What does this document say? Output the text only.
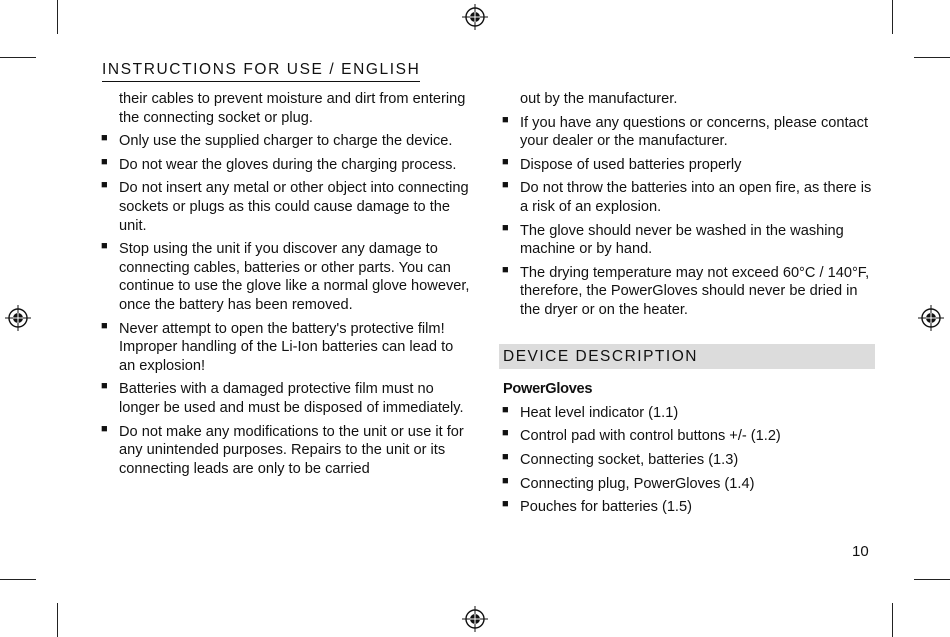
INSTRUCTIONS FOR USE / ENGLISH

their cables to prevent moisture and dirt from entering the connecting socket or plug.

■ Only use the supplied charger to charge the device.
■ Do not wear the gloves during the charging process.
■ Do not insert any metal or other object into connecting sockets or plugs as this could cause damage to the unit.
■ Stop using the unit if you discover any damage to connecting cables, batteries or other parts. You can continue to use the glove like a normal glove however, once the battery has been removed.
■ Never attempt to open the battery's protective film! Improper handling of the Li-Ion batteries can lead to an explosion!
■ Batteries with a damaged protective film must no longer be used and must be disposed of immediately.
■ Do not make any modifications to the unit or use it for any unintended purposes. Repairs to the unit or its connecting leads are only to be carried

out by the manufacturer.

■ If you have any questions or concerns, please contact your dealer or the manufacturer.
■ Dispose of used batteries properly
■ Do not throw the batteries into an open fire, as there is a risk of an explosion.
■ The glove should never be washed in the washing machine or by hand.
■ The drying temperature may not exceed 60°C / 140°F, therefore, the PowerGloves should never be dried in the dryer or on the heater.
DEVICE DESCRIPTION
PowerGloves
■ Heat level indicator (1.1)
■ Control pad with control buttons +/- (1.2)
■ Connecting socket, batteries (1.3)
■ Connecting plug, PowerGloves (1.4)
■ Pouches for batteries (1.5)
10
